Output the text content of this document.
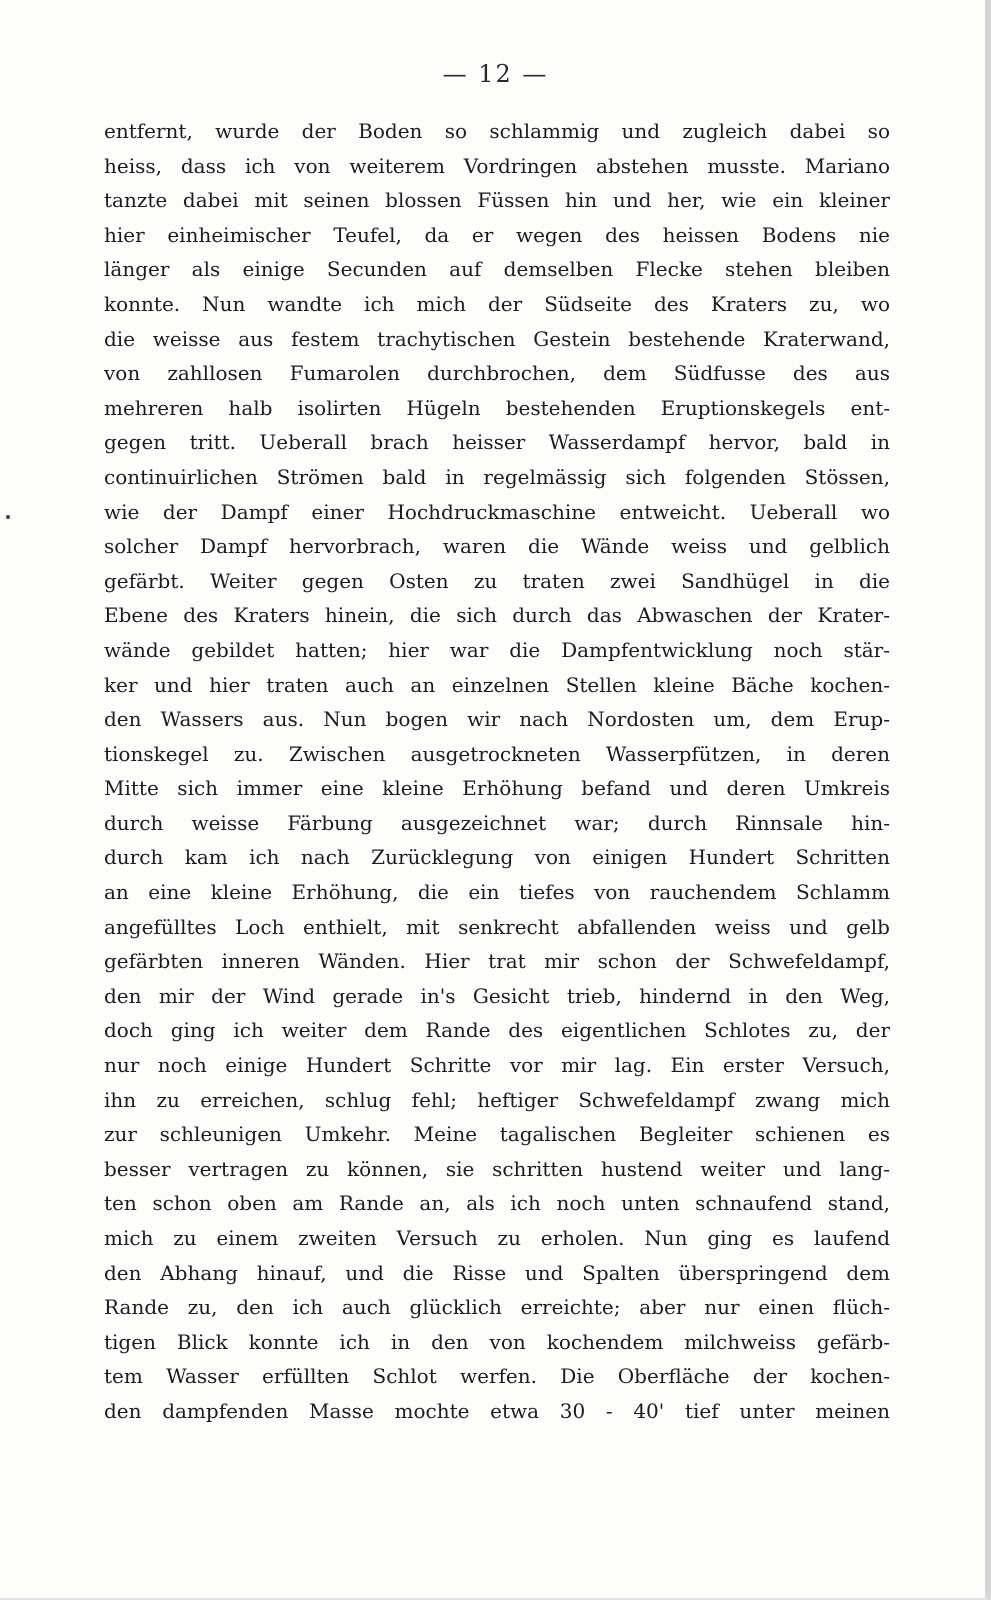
— 12 —
entfernt, wurde der Boden so schlammig und zugleich dabei so
heiss, dass ich von weiterem Vordringen abstehen musste. Mariano
tanzte dabei mit seinen blossen Füssen hin und her, wie ein kleiner
hier einheimischer Teufel, da er wegen des heissen Bodens nie
länger als einige Secunden auf demselben Flecke stehen bleiben
konnte. Nun wandte ich mich der Südseite des Kraters zu, wo
die weisse aus festem trachytischen Gestein bestehende Kraterwand,
von zahllosen Fumarolen durchbrochen, dem Südfusse des aus
mehreren halb isolirten Hügeln bestehenden Eruptionskegels ent-
gegen tritt. Ueberall brach heisser Wasserdampf hervor, bald in
continuirlichen Strömen bald in regelmässig sich folgenden Stössen,
wie der Dampf einer Hochdruckmaschine entweicht. Ueberall wo
solcher Dampf hervorbrach, waren die Wände weiss und gelblich
gefärbt. Weiter gegen Osten zu traten zwei Sandhügel in die
Ebene des Kraters hinein, die sich durch das Abwaschen der Krater-
wände gebildet hatten; hier war die Dampfentwicklung noch stär-
ker und hier traten auch an einzelnen Stellen kleine Bäche kochen-
den Wassers aus. Nun bogen wir nach Nordosten um, dem Erup-
tionskegel zu. Zwischen ausgetrockneten Wasserpfützen, in deren
Mitte sich immer eine kleine Erhöhung befand und deren Umkreis
durch weisse Färbung ausgezeichnet war; durch Rinnsale hin-
durch kam ich nach Zurücklegung von einigen Hundert Schritten
an eine kleine Erhöhung, die ein tiefes von rauchendem Schlamm
angefülltes Loch enthielt, mit senkrecht abfallenden weiss und gelb
gefärbten inneren Wänden. Hier trat mir schon der Schwefeldampf,
den mir der Wind gerade in's Gesicht trieb, hindernd in den Weg,
doch ging ich weiter dem Rande des eigentlichen Schlotes zu, der
nur noch einige Hundert Schritte vor mir lag. Ein erster Versuch,
ihn zu erreichen, schlug fehl; heftiger Schwefeldampf zwang mich
zur schleunigen Umkehr. Meine tagalischen Begleiter schienen es
besser vertragen zu können, sie schritten hustend weiter und lang-
ten schon oben am Rande an, als ich noch unten schnaufend stand,
mich zu einem zweiten Versuch zu erholen. Nun ging es laufend
den Abhang hinauf, und die Risse und Spalten überspringend dem
Rande zu, den ich auch glücklich erreichte; aber nur einen flüch-
tigen Blick konnte ich in den von kochendem milchweiss gefärb-
tem Wasser erfüllten Schlot werfen. Die Oberfläche der kochen-
den dampfenden Masse mochte etwa 30 - 40' tief unter meinen
